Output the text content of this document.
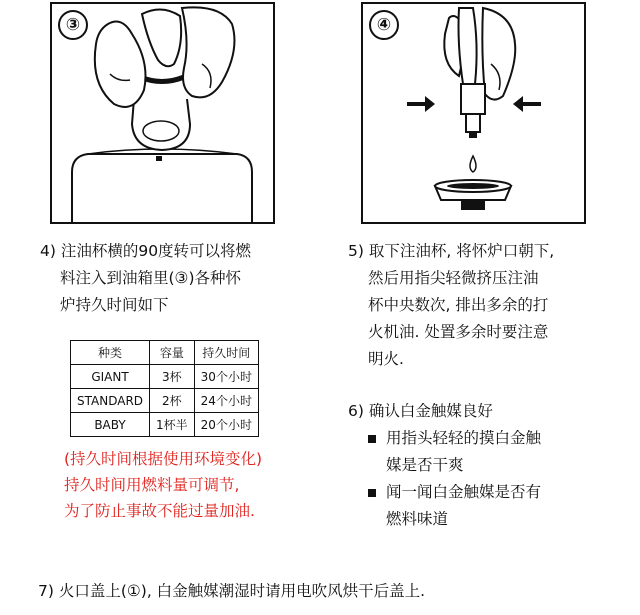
③	④
4) 注油杯横的90度转可以将燃
料注入到油箱里(③)各种怀
炉持久时间如下
种类	容量	持久时间
GIANT	3杯	30个小时
STANDARD	2杯	24个小时
BABY	1杯半	20个小时
(持久时间根据使用环境变化)
持久时间用燃料量可调节,
为了防止事故不能过量加油.
5) 取下注油杯, 将怀炉口朝下,
然后用指尖轻微挤压注油
杯中央数次, 排出多余的打
火机油. 处置多余时要注意
明火.
6) 确认白金触媒良好
用指头轻轻的摸白金触
媒是否干爽
闻一闻白金触媒是否有
燃料味道
7) 火口盖上(①), 白金触媒潮湿时请用电吹风烘干后盖上.
